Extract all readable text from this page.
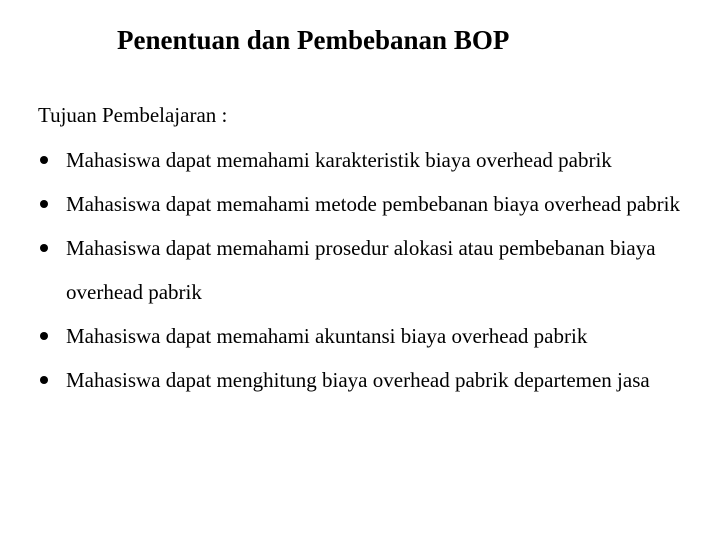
Penentuan dan Pembebanan BOP
Tujuan Pembelajaran :
Mahasiswa dapat memahami karakteristik biaya overhead pabrik
Mahasiswa dapat memahami metode pembebanan biaya overhead pabrik
Mahasiswa dapat memahami prosedur alokasi atau pembebanan biaya overhead pabrik
Mahasiswa dapat memahami akuntansi biaya overhead pabrik
Mahasiswa dapat menghitung biaya overhead pabrik departemen jasa
